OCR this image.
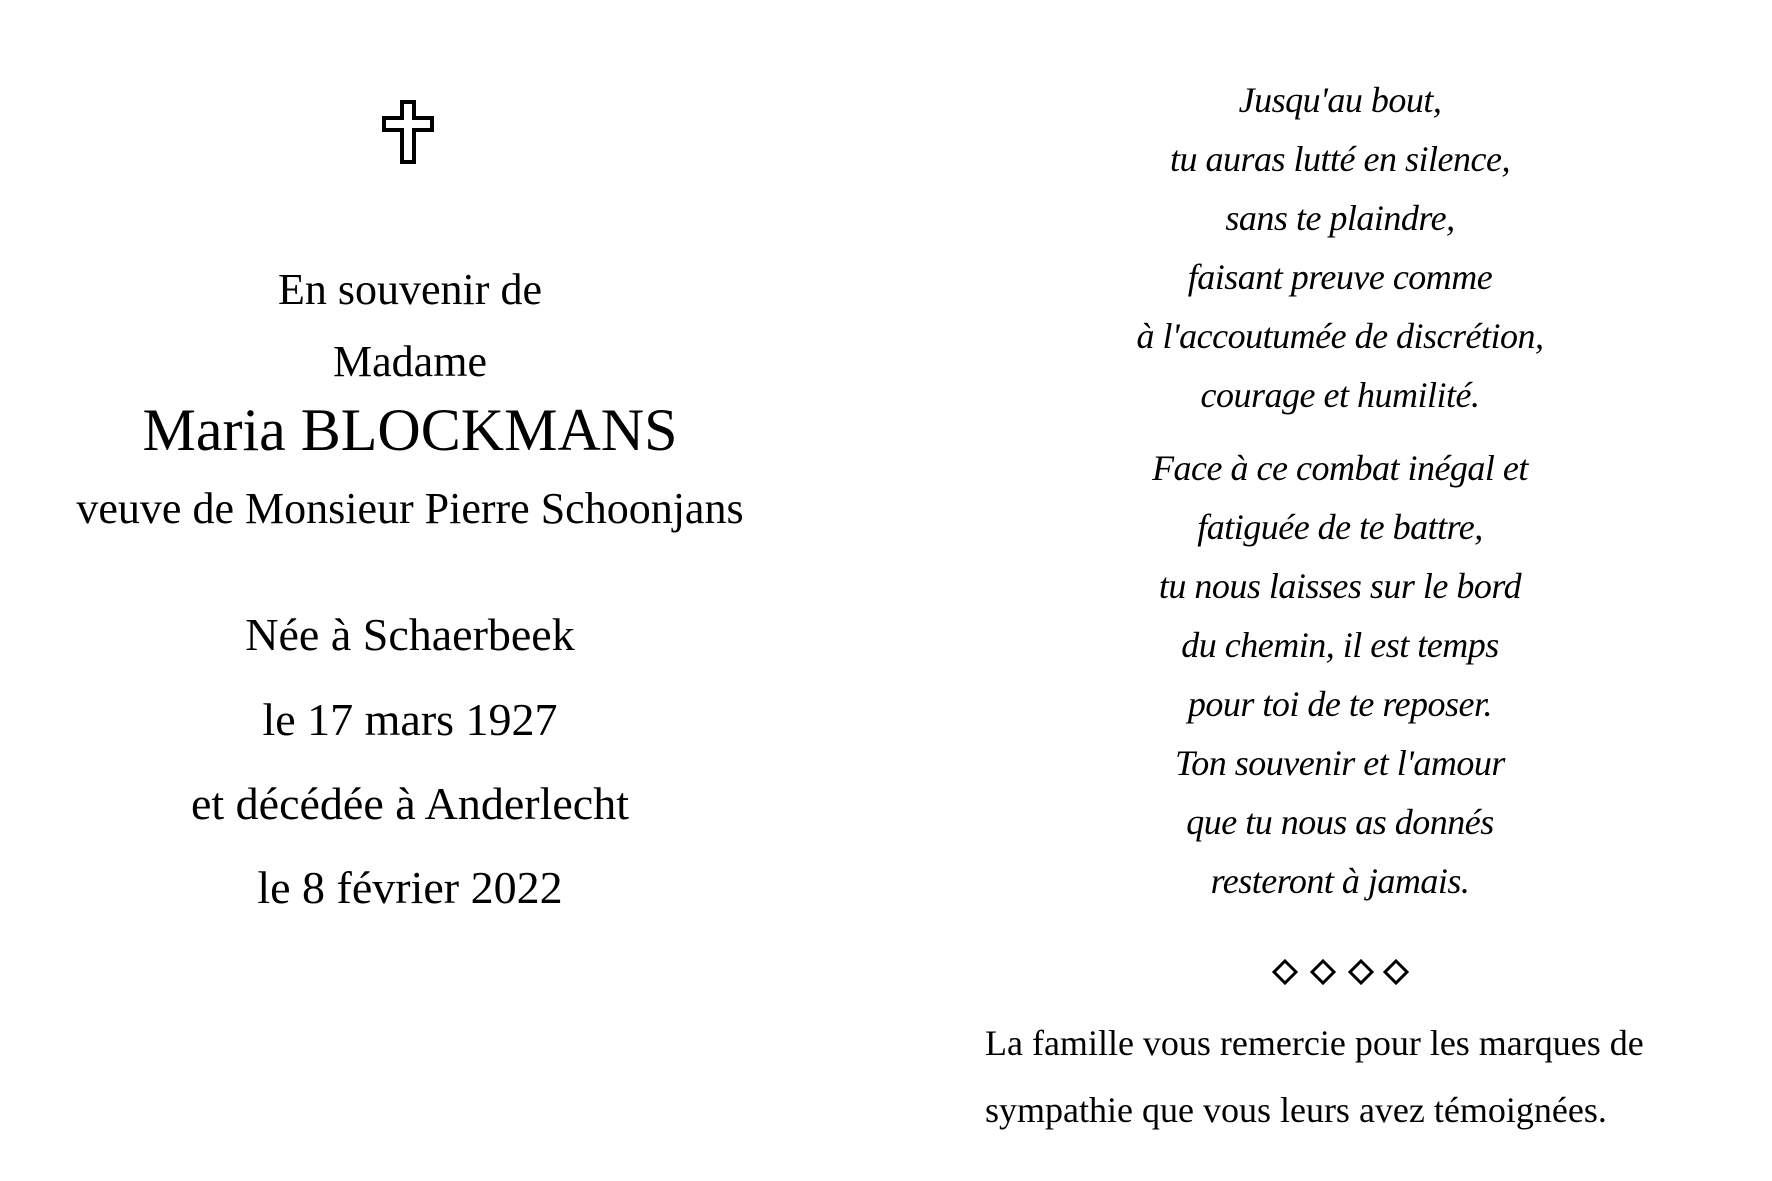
En souvenir de
Madame
Maria BLOCKMANS
veuve de Monsieur Pierre Schoonjans
Née à Schaerbeek
le 17 mars 1927
et décédée à Anderlecht
le 8 février 2022
Jusqu'au bout,
tu auras lutté en silence,
sans te plaindre,
faisant preuve comme
à l'accoutumée de discrétion,
courage et humilité.
Face à ce combat inégal et
fatiguée de te battre,
tu nous laisses sur le bord
du chemin, il est temps
pour toi de te reposer.
Ton souvenir et l'amour
que tu nous as donnés
resteront à jamais.
La famille vous remercie pour les marques de
sympathie que vous leurs avez témoignées.
